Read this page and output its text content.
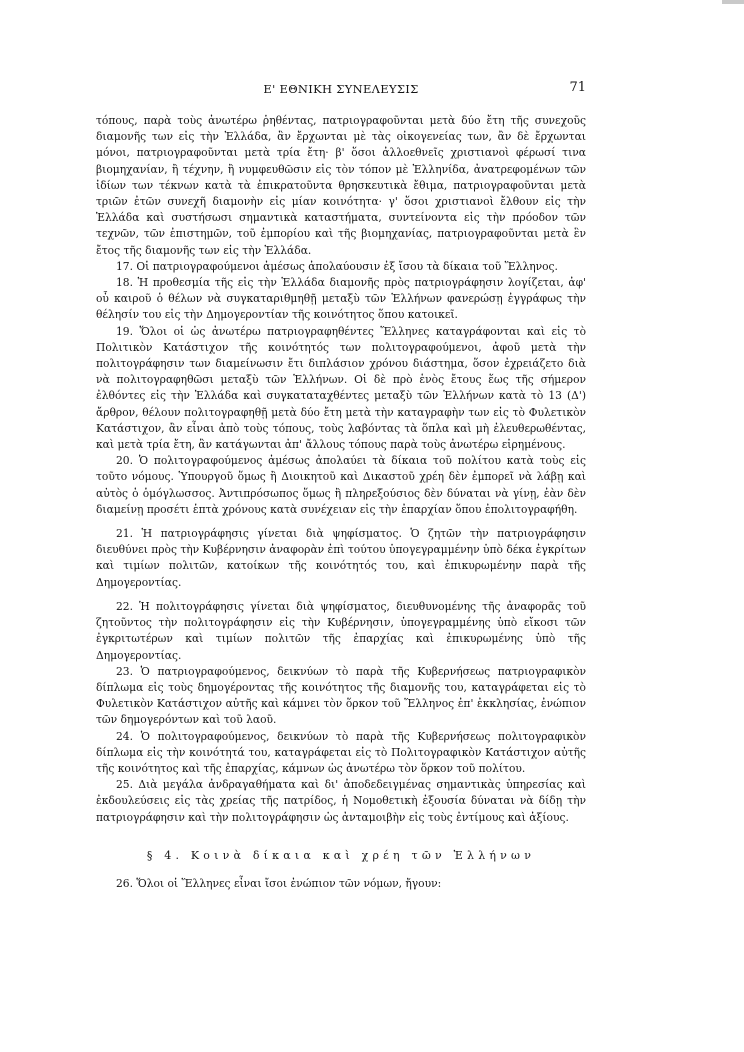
Ε' ΕΘΝΙΚΗ ΣΥΝΕΛΕΥΣΙΣ	71

τόπους, παρὰ τοὺς ἀνωτέρω ῥηθέντας, πατριογραφοῦνται μετὰ δύο ἔτη τῆς συνεχοῦς διαμονῆς των εἰς τὴν Ἑλλάδα, ἂν ἔρχωνται μὲ τὰς οἰκογενείας των, ἂν δὲ ἔρχωνται μόνοι, πατριογραφοῦνται μετὰ τρία ἔτη· β' ὅσοι ἀλλοεθνεῖς χριστιανοὶ φέρωσί τινα βιομηχανίαν, ἢ τέχνην, ἢ νυμφευθῶσιν εἰς τὸν τόπον μὲ Ἑλληνίδα, ἀνατρεφομένων τῶν ἰδίων των τέκνων κατὰ τὰ ἐπικρατοῦντα θρησκευτικὰ ἔθιμα, πατριογραφοῦνται μετὰ τριῶν ἐτῶν συνεχῆ διαμονὴν εἰς μίαν κοινότητα· γ' ὅσοι χριστιανοὶ ἔλθουν εἰς τὴν Ἑλλάδα καὶ συστήσωσι σημαντικὰ καταστήματα, συντείνοντα εἰς τὴν πρόοδον τῶν τεχνῶν, τῶν ἐπιστημῶν, τοῦ ἐμπορίου καὶ τῆς βιομηχανίας, πατριογραφοῦνται μετὰ ἓν ἔτος τῆς διαμονῆς των εἰς τὴν Ἑλλάδα.

17. Οἱ πατριογραφούμενοι ἀμέσως ἀπολαύουσιν ἐξ ἴσου τὰ δίκαια τοῦ Ἕλληνος.

18. Ἡ προθεσμία τῆς εἰς τὴν Ἑλλάδα διαμονῆς πρὸς πατριογράφησιν λογίζεται, ἀφ' οὗ καιροῦ ὁ θέλων νὰ συγκαταριθμηθῇ μεταξὺ τῶν Ἑλλήνων φανερώσῃ ἐγγράφως τὴν θέλησίν του εἰς τὴν Δημογεροντίαν τῆς κοινότητος ὅπου κατοικεῖ.

19. Ὅλοι οἱ ὡς ἀνωτέρω πατριογραφηθέντες Ἕλληνες καταγράφονται καὶ εἰς τὸ Πολιτικὸν Κατάστιχον τῆς κοινότητός των πολιτογραφούμενοι, ἀφοῦ μετὰ τὴν πολιτογράφησιν των διαμείνωσιν ἔτι διπλάσιον χρόνου διάστημα, ὅσον ἐχρειάζετο διὰ νὰ πολιτογραφηθῶσι μεταξὺ τῶν Ἑλλήνων. Οἱ δὲ πρὸ ἑνὸς ἔτους ἕως τῆς σήμερον ἐλθόντες εἰς τὴν Ἑλλάδα καὶ συγκαταταχθέντες μεταξὺ τῶν Ἑλλήνων κατὰ τὸ 13 (Δ') ἄρθρον, θέλουν πολιτογραφηθῇ μετὰ δύο ἔτη μετὰ τὴν καταγραφὴν των εἰς τὸ Φυλετικὸν Κατάστιχον, ἂν εἶναι ἀπὸ τοὺς τόπους, τοὺς λαβόντας τὰ ὅπλα καὶ μὴ ἐλευθερωθέντας, καὶ μετὰ τρία ἔτη, ἂν κατάγωνται ἀπ' ἄλλους τόπους παρὰ τοὺς ἀνωτέρω εἰρημένους.

20. Ὁ πολιτογραφούμενος ἀμέσως ἀπολαύει τὰ δίκαια τοῦ πολίτου κατὰ τοὺς εἰς τοῦτο νόμους. Ὑπουργοῦ ὅμως ἢ Διοικητοῦ καὶ Δικαστοῦ χρέη δὲν ἐμπορεῖ νὰ λάβῃ καὶ αὐτὸς ὁ ὁμόγλωσσος. Ἀντιπρόσωπος ὅμως ἢ πληρεξούσιος δὲν δύναται νὰ γίνῃ, ἐὰν δὲν διαμείνῃ προσέτι ἑπτὰ χρόνους κατὰ συνέχειαν εἰς τὴν ἐπαρχίαν ὅπου ἐπολιτογραφήθη.

21. Ἡ πατριογράφησις γίνεται διὰ ψηφίσματος. Ὁ ζητῶν τὴν πατριογράφησιν διευθύνει πρὸς τὴν Κυβέρνησιν ἀναφορὰν ἐπὶ τούτου ὑπογεγραμμένην ὑπὸ δέκα ἐγκρίτων καὶ τιμίων πολιτῶν, κατοίκων τῆς κοινότητός του, καὶ ἐπικυρωμένην παρὰ τῆς Δημογεροντίας.

22. Ἡ πολιτογράφησις γίνεται διὰ ψηφίσματος, διευθυνομένης τῆς ἀναφορᾶς τοῦ ζητοῦντος τὴν πολιτογράφησιν εἰς τὴν Κυβέρνησιν, ὑπογεγραμμένης ὑπὸ εἴκοσι τῶν ἐγκριτωτέρων καὶ τιμίων πολιτῶν τῆς ἐπαρχίας καὶ ἐπικυρωμένης ὑπὸ τῆς Δημογεροντίας.

23. Ὁ πατριογραφούμενος, δεικνύων τὸ παρὰ τῆς Κυβερνήσεως πατριογραφικὸν δίπλωμα εἰς τοὺς δημογέροντας τῆς κοινότητος τῆς διαμονῆς του, καταγράφεται εἰς τὸ Φυλετικὸν Κατάστιχον αὐτῆς καὶ κάμνει τὸν ὅρκον τοῦ Ἕλληνος ἐπ' ἐκκλησίας, ἐνώπιον τῶν δημογερόντων καὶ τοῦ λαοῦ.

24. Ὁ πολιτογραφούμενος, δεικνύων τὸ παρὰ τῆς Κυβερνήσεως πολιτογραφικὸν δίπλωμα εἰς τὴν κοινότητά του, καταγράφεται εἰς τὸ Πολιτογραφικὸν Κατάστιχον αὐτῆς τῆς κοινότητος καὶ τῆς ἐπαρχίας, κάμνων ὡς ἀνωτέρω τὸν ὅρκον τοῦ πολίτου.

25. Διὰ μεγάλα ἀνδραγαθήματα καὶ δι' ἀποδεδειγμένας σημαντικὰς ὑπηρεσίας καὶ ἐκδουλεύσεις εἰς τὰς χρείας τῆς πατρίδος, ἡ Νομοθετικὴ ἐξουσία δύναται νὰ δίδῃ τὴν πατριογράφησιν καὶ τὴν πολιτογράφησιν ὡς ἀνταμοιβὴν εἰς τοὺς ἐντίμους καὶ ἀξίους.

§ 4. Κοινὰ δίκαια καὶ χρέη τῶν Ἑλλήνων

26. Ὅλοι οἱ Ἕλληνες εἶναι ἴσοι ἐνώπιον τῶν νόμων, ἤγουν:
